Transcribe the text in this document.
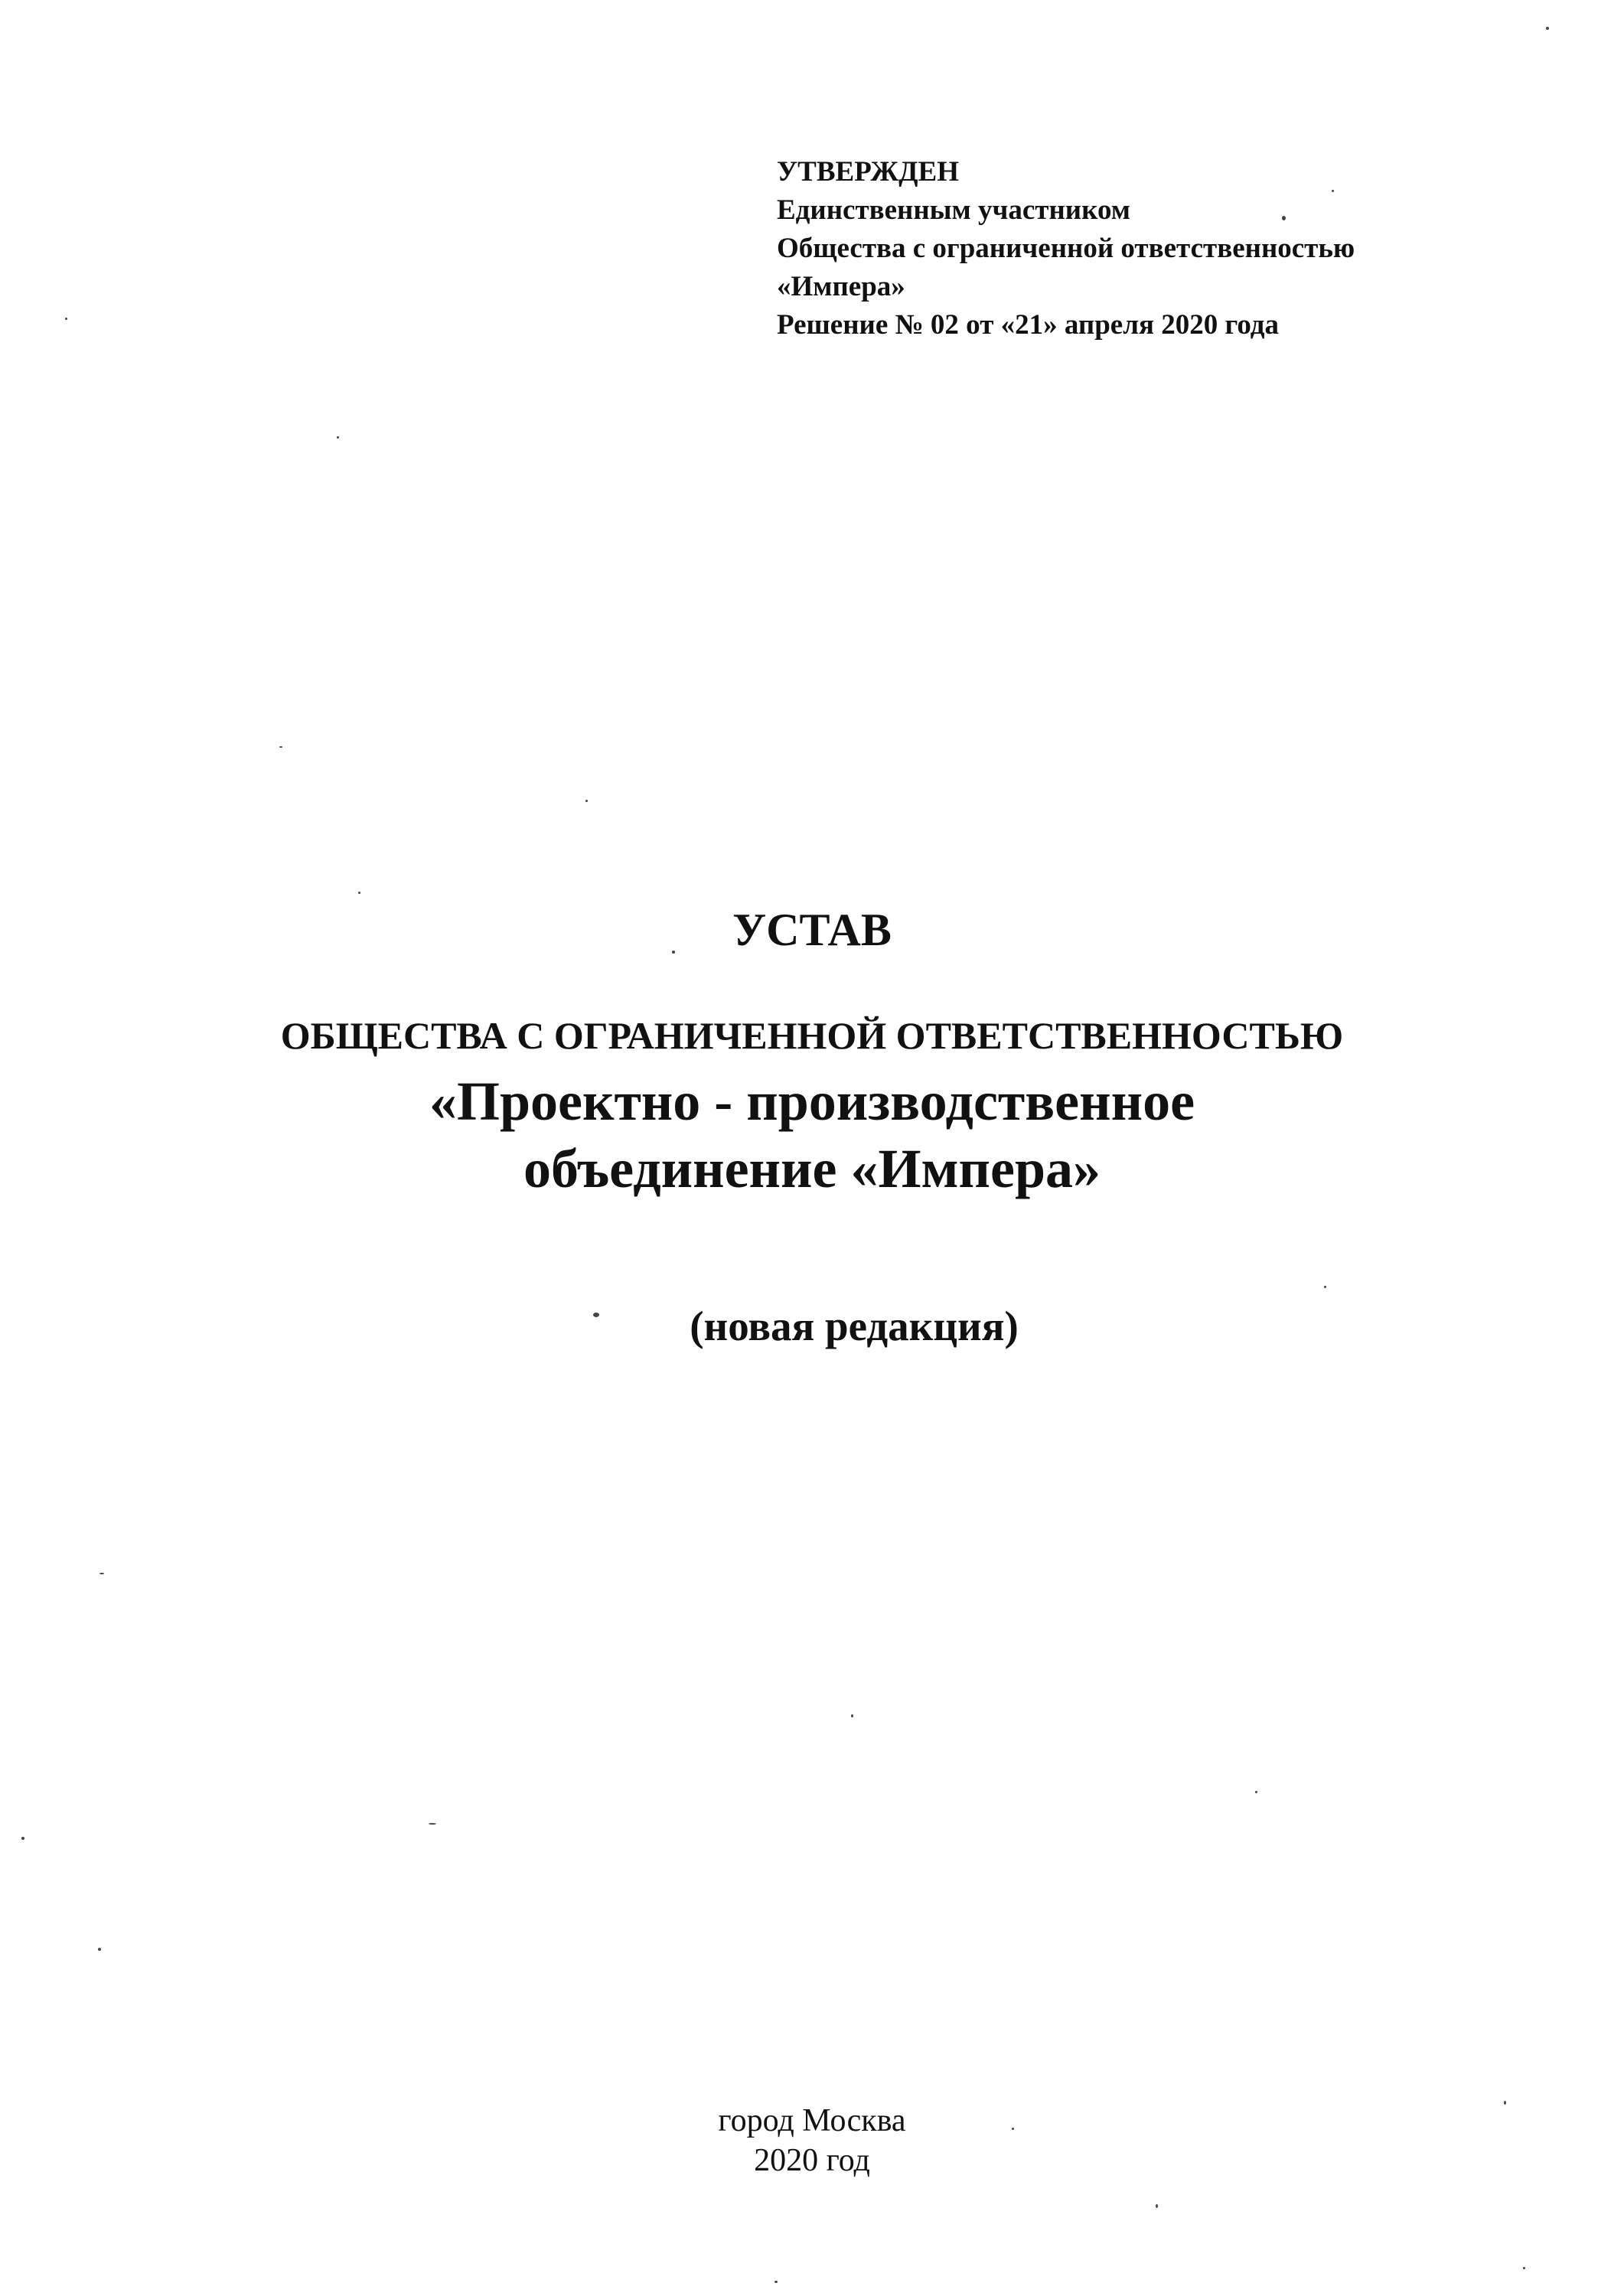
УТВЕРЖДЕН
Единственным участником
Общества с ограниченной ответственностью
«Импера»
Решение № 02 от «21» апреля 2020 года
УСТАВ
ОБЩЕСТВА С ОГРАНИЧЕННОЙ ОТВЕТСТВЕННОСТЬЮ
«Проектно - производственное
объединение «Импера»
(новая редакция)
город Москва
2020 год
